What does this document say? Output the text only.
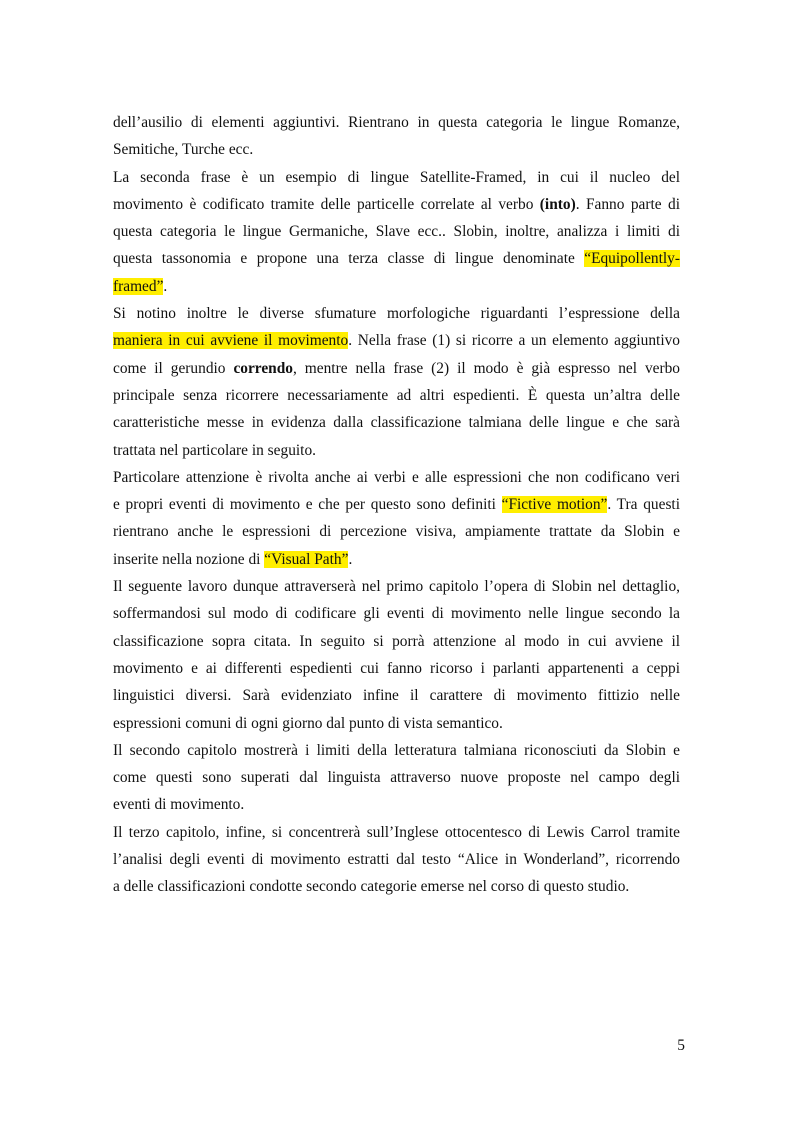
dell’ausilio di elementi aggiuntivi. Rientrano in questa categoria le lingue Romanze,
Semitiche, Turche ecc.
La seconda frase è un esempio di lingue Satellite-Framed, in cui il nucleo del
movimento è codificato tramite delle particelle correlate al verbo (into). Fanno parte di
questa categoria le lingue Germaniche, Slave ecc.. Slobin, inoltre, analizza i limiti di
questa tassonomia e propone una terza classe di lingue denominate “Equipollently-
framed”.
Si notino inoltre le diverse sfumature morfologiche riguardanti l’espressione della
maniera in cui avviene il movimento. Nella frase (1) si ricorre a un elemento aggiuntivo
come il gerundio correndo, mentre nella frase (2) il modo è già espresso nel verbo
principale senza ricorrere necessariamente ad altri espedienti. È questa un’altra delle
caratteristiche messe in evidenza dalla classificazione talmiana delle lingue e che sarà
trattata nel particolare in seguito.
Particolare attenzione è rivolta anche ai verbi e alle espressioni che non codificano veri
e propri eventi di movimento e che per questo sono definiti “Fictive motion”. Tra questi
rientrano anche le espressioni di percezione visiva, ampiamente trattate da Slobin e
inserite nella nozione di “Visual Path”.
Il seguente lavoro dunque attraverserà nel primo capitolo l’opera di Slobin nel dettaglio,
soffermandosi sul modo di codificare gli eventi di movimento nelle lingue secondo la
classificazione sopra citata. In seguito si porrà attenzione al modo in cui avviene il
movimento e ai differenti espedienti cui fanno ricorso i parlanti appartenenti a ceppi
linguistici diversi. Sarà evidenziato infine il carattere di movimento fittizio nelle
espressioni comuni di ogni giorno dal punto di vista semantico.
Il secondo capitolo mostrerà i limiti della letteratura talmiana riconosciuti da Slobin e
come questi sono superati dal linguista attraverso nuove proposte nel campo degli
eventi di movimento.
Il terzo capitolo, infine, si concentrerà sull’Inglese ottocentesco di Lewis Carrol tramite
l’analisi degli eventi di movimento estratti dal testo “Alice in Wonderland”, ricorrendo
a delle classificazioni condotte secondo categorie emerse nel corso di questo studio.
5
